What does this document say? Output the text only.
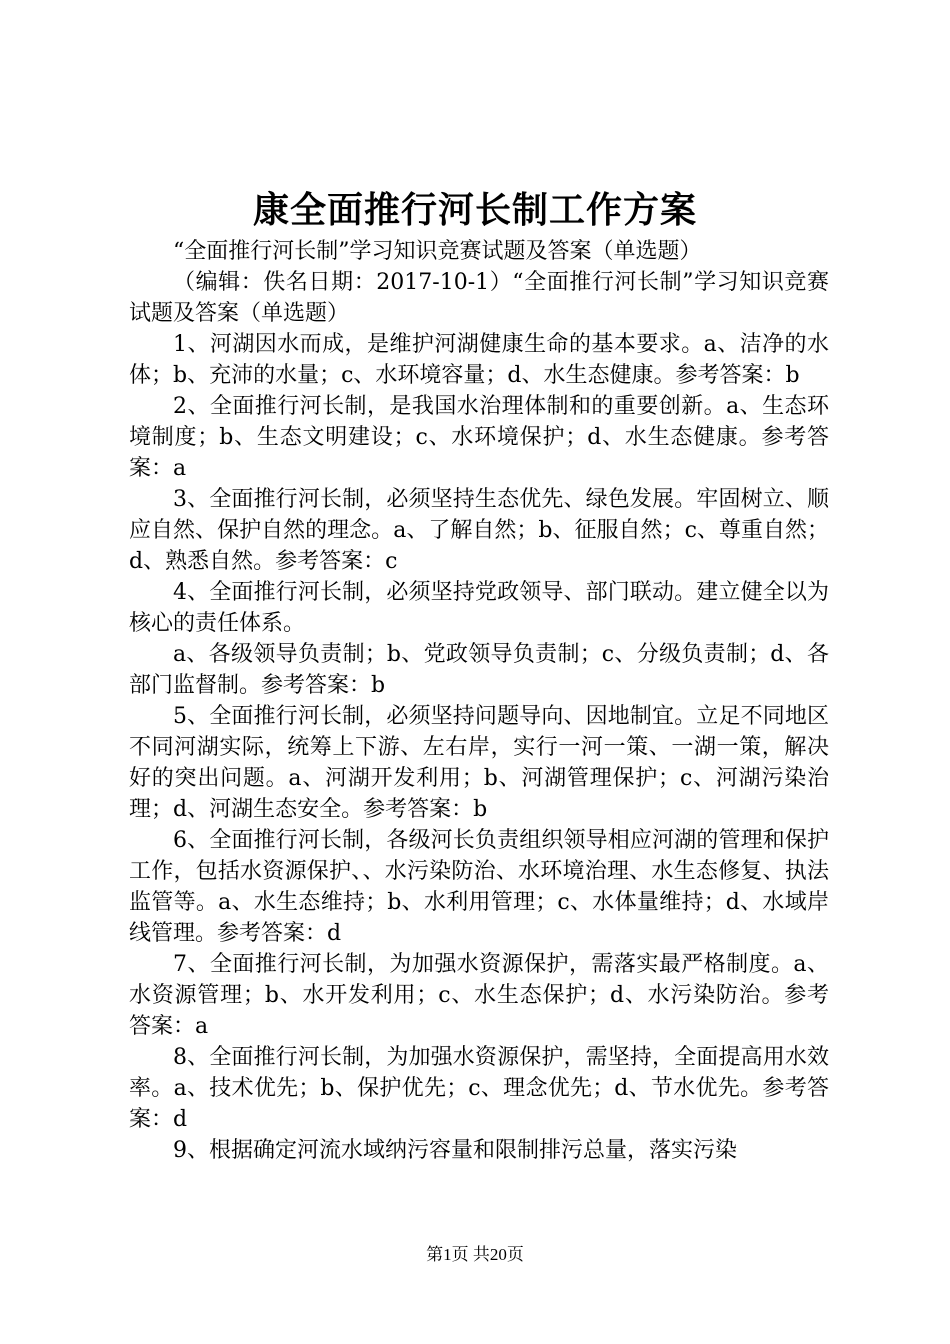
康全面推行河长制工作方案

“全面推行河长制”学习知识竞赛试题及答案（单选题）

（编辑：佚名日期：2017-10-1）“全面推行河长制”学习知识竞赛试题及答案（单选题）

1、河湖因水而成，是维护河湖健康生命的基本要求。a、洁净的水体；b、充沛的水量；c、水环境容量；d、水生态健康。参考答案：b

2、全面推行河长制，是我国水治理体制和的重要创新。a、生态环境制度；b、生态文明建设；c、水环境保护；d、水生态健康。参考答案：a

3、全面推行河长制，必须坚持生态优先、绿色发展。牢固树立、顺应自然、保护自然的理念。a、了解自然；b、征服自然；c、尊重自然；d、熟悉自然。参考答案：c

4、全面推行河长制，必须坚持党政领导、部门联动。建立健全以为核心的责任体系。

a、各级领导负责制；b、党政领导负责制；c、分级负责制；d、各部门监督制。参考答案：b

5、全面推行河长制，必须坚持问题导向、因地制宜。立足不同地区不同河湖实际，统筹上下游、左右岸，实行一河一策、一湖一策，解决好的突出问题。a、河湖开发利用；b、河湖管理保护；c、河湖污染治理；d、河湖生态安全。参考答案：b

6、全面推行河长制，各级河长负责组织领导相应河湖的管理和保护工作，包括水资源保护、、水污染防治、水环境治理、水生态修复、执法监管等。a、水生态维持；b、水利用管理；c、水体量维持；d、水域岸线管理。参考答案：d

7、全面推行河长制，为加强水资源保护，需落实最严格制度。a、水资源管理；b、水开发利用；c、水生态保护；d、水污染防治。参考答案：a

8、全面推行河长制，为加强水资源保护，需坚持，全面提高用水效率。a、技术优先；b、保护优先；c、理念优先；d、节水优先。参考答案：d

9、根据确定河流水域纳污容量和限制排污总量，落实污染

第1页 共20页
